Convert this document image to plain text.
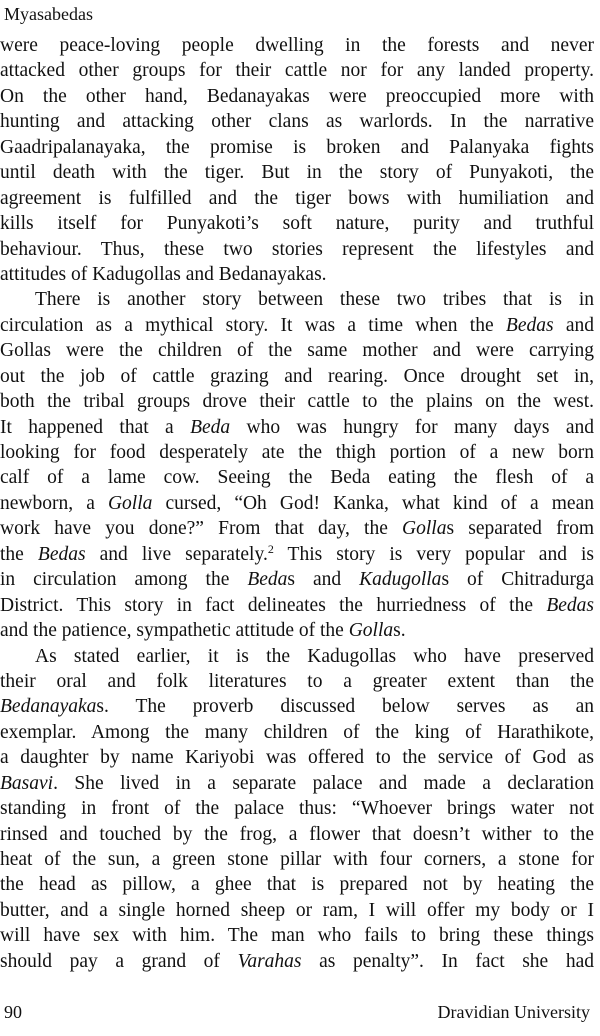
Myasabedas
were peace-loving people dwelling in the forests and never
attacked other groups for their cattle nor for any landed property.
On the other hand, Bedanayakas were preoccupied more with
hunting and attacking other clans as warlords. In the narrative
Gaadripalanayaka, the promise is broken and Palanyaka fights
until death with the tiger. But in the story of Punyakoti, the
agreement is fulfilled and the tiger bows with humiliation and
kills itself for Punyakoti’s soft nature, purity and truthful
behaviour. Thus, these two stories represent the lifestyles and
attitudes of Kadugollas and Bedanayakas.
There is another story between these two tribes that is in
circulation as a mythical story. It was a time when the Bedas and
Gollas were the children of the same mother and were carrying
out the job of cattle grazing and rearing. Once drought set in,
both the tribal groups drove their cattle to the plains on the west.
It happened that a Beda who was hungry for many days and
looking for food desperately ate the thigh portion of a new born
calf of a lame cow. Seeing the Beda eating the flesh of a
newborn, a Golla cursed, “Oh God! Kanka, what kind of a mean
work have you done?” From that day, the Gollas separated from
the Bedas and live separately.$^2$ This story is very popular and is
in circulation among the Bedas and Kadugollas of Chitradurga
District. This story in fact delineates the hurriedness of the Bedas
and the patience, sympathetic attitude of the Gollas.
As stated earlier, it is the Kadugollas who have preserved
their oral and folk literatures to a greater extent than the
Bedanayakas. The proverb discussed below serves as an
exemplar. Among the many children of the king of Harathikote,
a daughter by name Kariyobi was offered to the service of God as
Basavi. She lived in a separate palace and made a declaration
standing in front of the palace thus: “Whoever brings water not
rinsed and touched by the frog, a flower that doesn’t wither to the
heat of the sun, a green stone pillar with four corners, a stone for
the head as pillow, a ghee that is prepared not by heating the
butter, and a single horned sheep or ram, I will offer my body or I
will have sex with him. The man who fails to bring these things
should pay a grand of Varahas as penalty”. In fact she had
90	Dravidian University
